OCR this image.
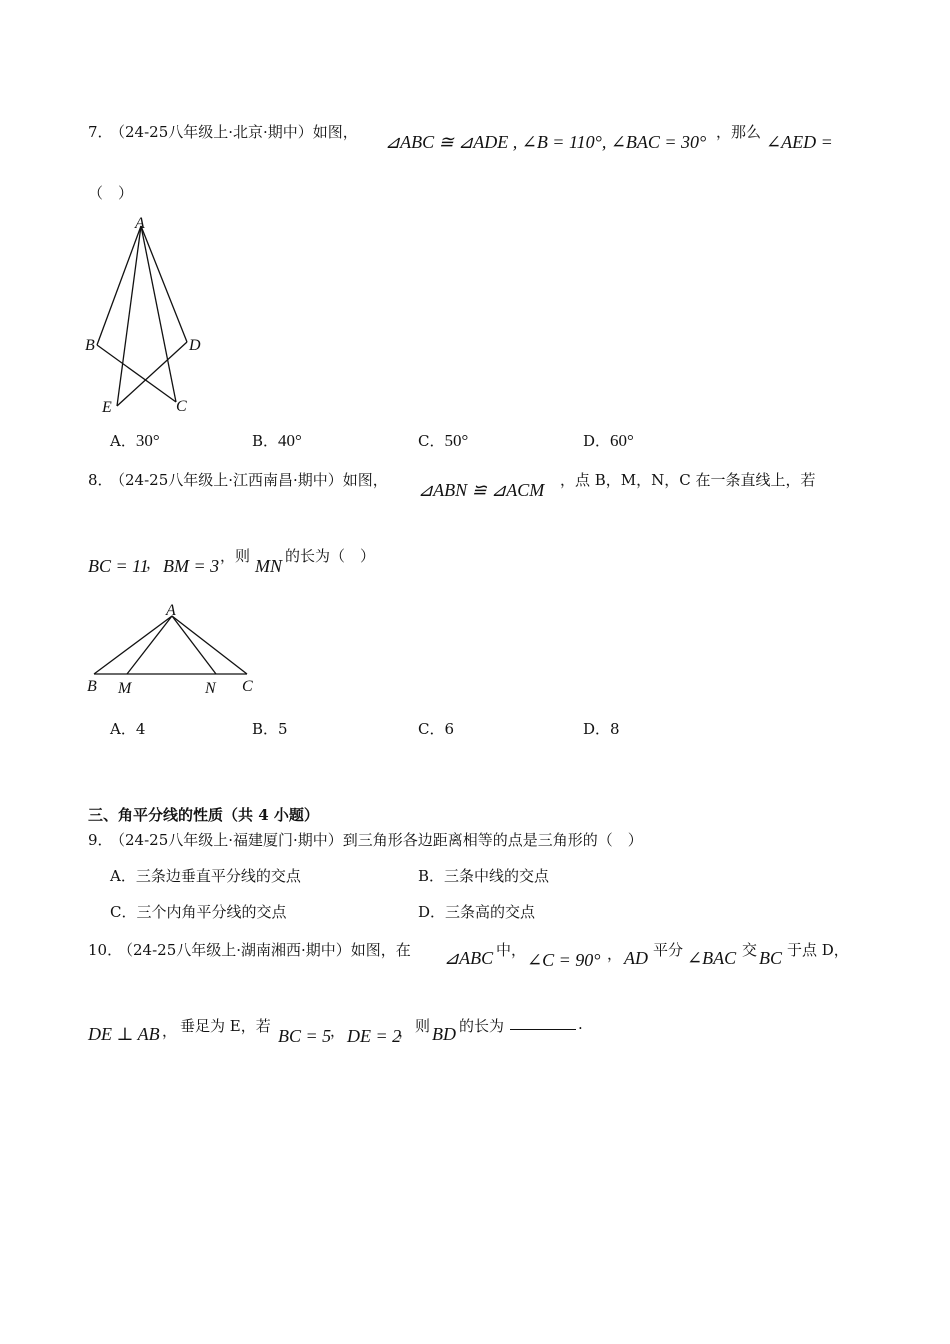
7．
（24-25八年级上·北京·期中）如图， ⊿ABC ≅ ⊿ADE , ∠B = 110°, ∠BAC = 30° ，那么 ∠AED =
（　）
A
B	D
E	C
A．30°	B．40°	C．50°	D．60°
8．
（24-25八年级上·江西南昌·期中）如图， ⊿ABN ≌ ⊿ACM ，点 B，M，N，C 在一条直线上，若
BC = 11
， BM = 3 ，则 MN 的长为（　）
A
B M	N C
A．4	B．5	C．6	D．8
三、角平分线的性质（共 4 小题）
9．
（24-25八年级上·福建厦门·期中）到三角形各边距离相等的点是三角形的（　）
A．三条边垂直平分线的交点	B．三条中线的交点
C．三个内角平分线的交点	D．三条高的交点
10．
（24-25八年级上·湖南湘西·期中）如图，在 ⊿ABC 中， ∠C = 90° ， AD 平分 ∠BAC 交 BC 于点 D，
DE ⊥ AB ， 垂足为 E，若 BC = 5
， DE = 2
， 则 BD 的长为	.
